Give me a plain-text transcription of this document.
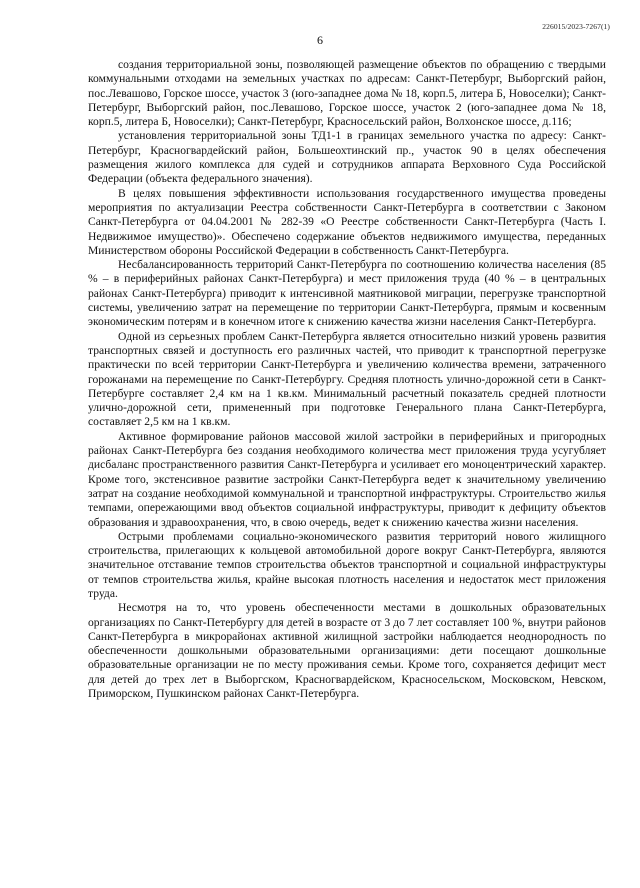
226015/2023-7267(1)
6

создания территориальной зоны, позволяющей размещение объектов по обращению с твердыми коммунальными отходами на земельных участках по адресам: Санкт-Петербург, Выборгский район, пос.Левашово, Горское шоссе, участок 3 (юго-западнее дома № 18, корп.5, литера Б, Новоселки); Санкт-Петербург, Выборгский район, пос.Левашово, Горское шоссе, участок 2 (юго-западнее дома № 18, корп.5, литера Б, Новоселки); Санкт-Петербург, Красносельский район, Волхонское шоссе, д.116;

установления территориальной зоны ТД1-1 в границах земельного участка по адресу: Санкт-Петербург, Красногвардейский район, Большеохтинский пр., участок 90 в целях обеспечения размещения жилого комплекса для судей и сотрудников аппарата Верховного Суда Российской Федерации (объекта федерального значения).

В целях повышения эффективности использования государственного имущества проведены мероприятия по актуализации Реестра собственности Санкт-Петербурга в соответствии с Законом Санкт-Петербурга от 04.04.2001 № 282-39 «О Реестре собственности Санкт-Петербурга (Часть I. Недвижимое имущество)». Обеспечено содержание объектов недвижимого имущества, переданных Министерством обороны Российской Федерации в собственность Санкт-Петербурга.

Несбалансированность территорий Санкт-Петербурга по соотношению количества населения (85 % – в периферийных районах Санкт-Петербурга) и мест приложения труда (40 % – в центральных районах Санкт-Петербурга) приводит к интенсивной маятниковой миграции, перегрузке транспортной системы, увеличению затрат на перемещение по территории Санкт-Петербурга, прямым и косвенным экономическим потерям и в конечном итоге к снижению качества жизни населения Санкт-Петербурга.

Одной из серьезных проблем Санкт-Петербурга является относительно низкий уровень развития транспортных связей и доступность его различных частей, что приводит к транспортной перегрузке практически по всей территории Санкт-Петербурга и увеличению количества времени, затраченного горожанами на перемещение по Санкт-Петербургу. Средняя плотность улично-дорожной сети в Санкт-Петербурге составляет 2,4 км на 1 кв.км. Минимальный расчетный показатель средней плотности улично-дорожной сети, примененный при подготовке Генерального плана Санкт-Петербурга, составляет 2,5 км на 1 кв.км.

Активное формирование районов массовой жилой застройки в периферийных и пригородных районах Санкт-Петербурга без создания необходимого количества мест приложения труда усугубляет дисбаланс пространственного развития Санкт-Петербурга и усиливает его моноцентрический характер. Кроме того, экстенсивное развитие застройки Санкт-Петербурга ведет к значительному увеличению затрат на создание необходимой коммунальной и транспортной инфраструктуры. Строительство жилья темпами, опережающими ввод объектов социальной инфраструктуры, приводит к дефициту объектов образования и здравоохранения, что, в свою очередь, ведет к снижению качества жизни населения.

Острыми проблемами социально-экономического развития территорий нового жилищного строительства, прилегающих к кольцевой автомобильной дороге вокруг Санкт-Петербурга, являются значительное отставание темпов строительства объектов транспортной и социальной инфраструктуры от темпов строительства жилья, крайне высокая плотность населения и недостаток мест приложения труда.

Несмотря на то, что уровень обеспеченности местами в дошкольных образовательных организациях по Санкт-Петербургу для детей в возрасте от 3 до 7 лет составляет 100 %, внутри районов Санкт-Петербурга в микрорайонах активной жилищной застройки наблюдается неоднородность по обеспеченности дошкольными образовательными организациями: дети посещают дошкольные образовательные организации не по месту проживания семьи. Кроме того, сохраняется дефицит мест для детей до трех лет в Выборгском, Красногвардейском, Красносельском, Московском, Невском, Приморском, Пушкинском районах Санкт-Петербурга.
